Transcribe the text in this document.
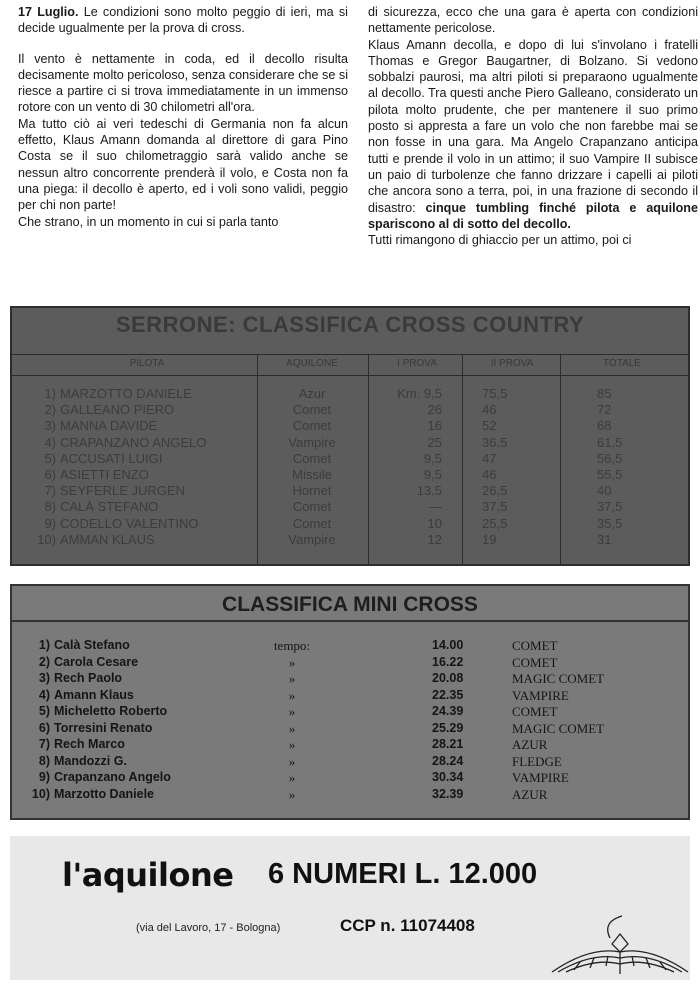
17 Luglio. Le condizioni sono molto peggio di ieri, ma si decide ugualmente per la prova di cross.

Il vento è nettamente in coda, ed il decollo risulta decisamente molto pericoloso, senza considerare che se si riesce a partire ci si trova immediatamente in un immenso rotore con un vento di 30 chilometri all'ora.

Ma tutto ciò ai veri tedeschi di Germania non fa alcun effetto, Klaus Amann domanda al direttore di gara Pino Costa se il suo chilometraggio sarà valido anche se nessun altro concorrente prenderà il volo, e Costa non fa una piega: il decollo è aperto, ed i voli sono validi, peggio per chi non parte!

Che strano, in un momento in cui si parla tanto

di sicurezza, ecco che una gara è aperta con condizioni nettamente pericolose.

Klaus Amann decolla, e dopo di lui s'involano i fratelli Thomas e Gregor Baugartner, di Bolzano. Si vedono sobbalzi paurosi, ma altri piloti si preparaono ugualmente al decollo. Tra questi anche Piero Galleano, considerato un pilota molto prudente, che per mantenere il suo primo posto si appresta a fare un volo che non farebbe mai se non fosse in una gara. Ma Angelo Crapanzano anticipa tutti e prende il volo in un attimo; il suo Vampire II subisce un paio di turbolenze che fanno drizzare i capelli ai piloti che ancora sono a terra, poi, in una frazione di secondo il disastro: cinque tumbling finché pilota e aquilone spariscono al di sotto del decollo.

Tutti rimangono di ghiaccio per un attimo, poi ci

SERRONE: CLASSIFICA CROSS COUNTRY
PILOTA	AQUILONE	I PROVA	II PROVA	TOTALE
1) MARZOTTO DANIELE	Azur	Km. 9,5	75,5	85
2) GALLEANO PIERO	Comet	26	46	72
3) MANNA DAVIDE	Comet	16	52	68
4) CRAPANZANO ANGELO	Vampire	25	36,5	61,5
5) ACCUSATI LUIGI	Comet	9,5	47	56,5
6) ASIETTI ENZO	Missile	9,5	46	55,5
7) SEYFERLE JURGEN	Hornet	13,5	26,5	40
8) CALÀ STEFANO	Comet	—	37,5	37,5
9) CODELLO VALENTINO	Comet	10	25,5	35,5
10) AMMAN KLAUS	Vampire	12	19	31
CLASSIFICA MINI CROSS
1) Calà Stefano	tempo:	14.00	COMET
2) Carola Cesare	»	16.22	COMET
3) Rech Paolo	»	20.08	MAGIC COMET
4) Amann Klaus	»	22.35	VAMPIRE
5) Micheletto Roberto	»	24.39	COMET
6) Torresini Renato	»	25.29	MAGIC COMET
7) Rech Marco	»	28.21	AZUR
8) Mandozzi G.	»	28.24	FLEDGE
9) Crapanzano Angelo	»	30.34	VAMPIRE
10) Marzotto Daniele	»	32.39	AZUR
l'aquilone 6 NUMERI L. 12.000
(via del Lavoro, 17 - Bologna)	CCP n. 11074408
